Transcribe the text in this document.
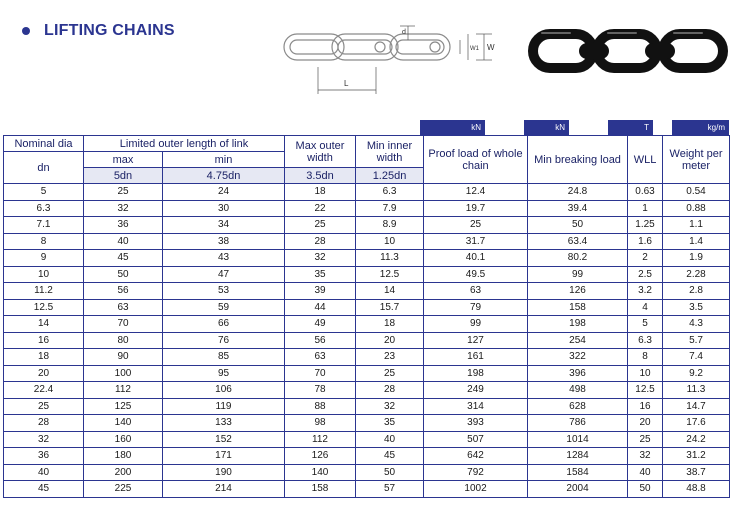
LIFTING CHAINS
L
d
W1 W
kN	kN	T	kg/m
Nominal dia	Limited outer length of link		Max outer width	Min inner width	Proof load of whole chain	Min breaking load	WLL	Weight per meter
dn	max	min						
	5dn	4.75dn	3.5dn	1.25dn				
5	25	24	18	6.3	12.4	24.8	0.63	0.54
6.3	32	30	22	7.9	19.7	39.4	1	0.88
7.1	36	34	25	8.9	25	50	1.25	1.1
8	40	38	28	10	31.7	63.4	1.6	1.4
9	45	43	32	11.3	40.1	80.2	2	1.9
10	50	47	35	12.5	49.5	99	2.5	2.28
11.2	56	53	39	14	63	126	3.2	2.8
12.5	63	59	44	15.7	79	158	4	3.5
14	70	66	49	18	99	198	5	4.3
16	80	76	56	20	127	254	6.3	5.7
18	90	85	63	23	161	322	8	7.4
20	100	95	70	25	198	396	10	9.2
22.4	112	106	78	28	249	498	12.5	11.3
25	125	119	88	32	314	628	16	14.7
28	140	133	98	35	393	786	20	17.6
32	160	152	112	40	507	1014	25	24.2
36	180	171	126	45	642	1284	32	31.2
40	200	190	140	50	792	1584	40	38.7
45	225	214	158	57	1002	2004	50	48.8
